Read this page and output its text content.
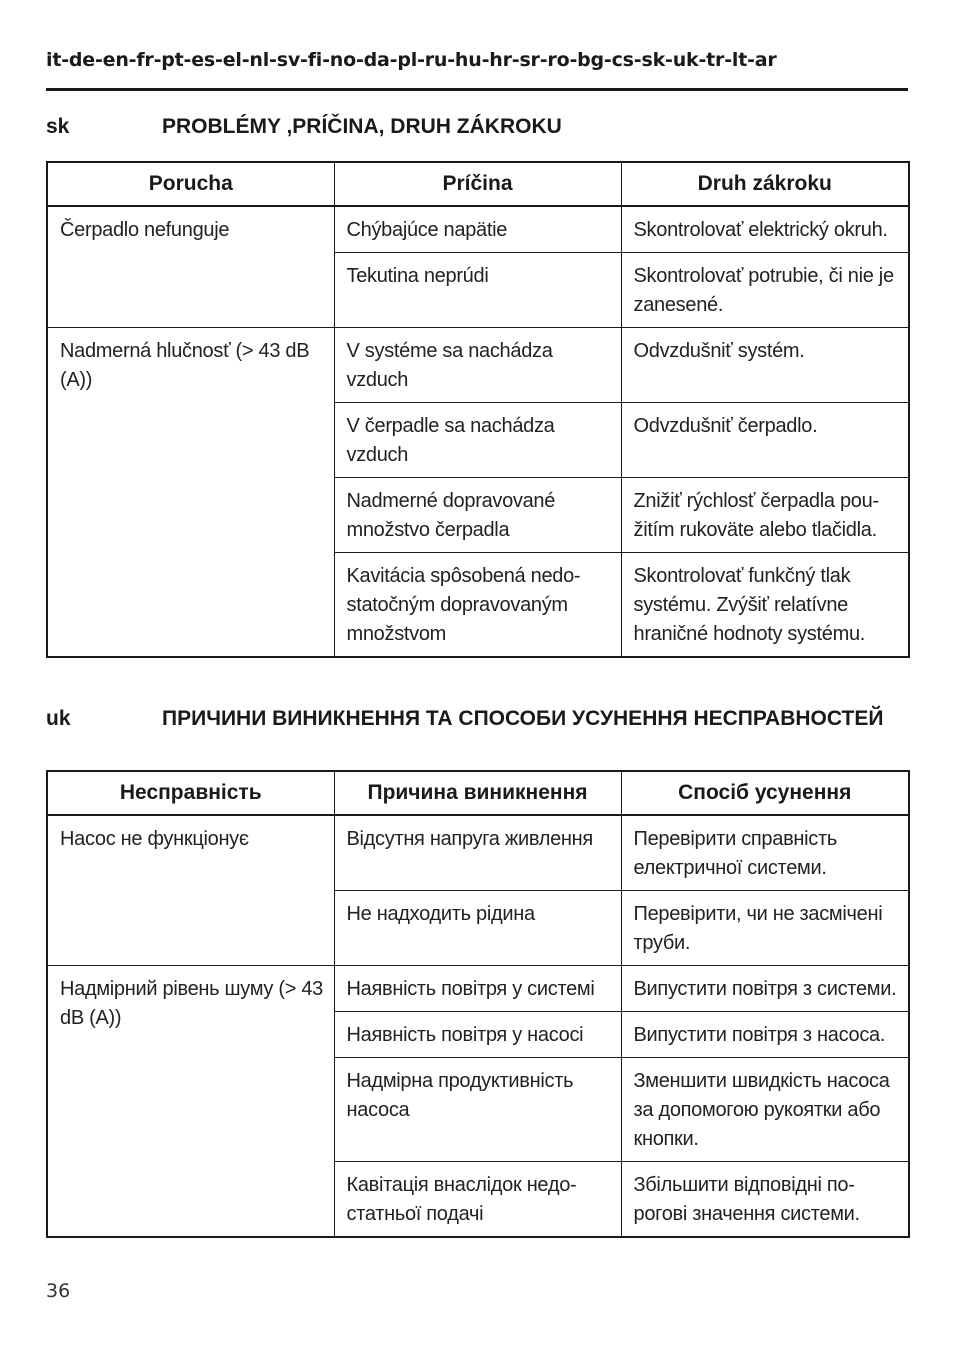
it-de-en-fr-pt-es-el-nl-sv-fi-no-da-pl-ru-hu-hr-sr-ro-bg-cs-sk-uk-tr-lt-ar
sk	PROBLÉMY ,PRÍČINA, DRUH ZÁKROKU
Porucha	Príčina	Druh zákroku
Čerpadlo nefunguje	Chýbajúce napätie	Skontrolovať elektrický okruh.
	Tekutina neprúdi	Skontrolovať potrubie, či nie je zanesené.
Nadmerná hlučnosť (> 43 dB (A))	V systéme sa nachádza vzduch	Odvzdušniť systém.
	V čerpadle sa nachádza vzduch	Odvzdušniť čerpadlo.
	Nadmerné dopravované množstvo čerpadla	Znižiť rýchlosť čerpadla pou-žitím rukoväte alebo tlačidla.
	Kavitácia spôsobená nedo-statočným dopravovaným množstvom	Skontrolovať funkčný tlak systému. Zvýšiť relatívne hraničné hodnoty systému.
uk	ПРИЧИНИ ВИНИКНЕННЯ ТА СПОСОБИ УСУНЕННЯ НЕСПРАВНОСТЕЙ
Несправність	Причина виникнення	Спосіб усунення
Насос не функціонує	Відсутня напруга живлення	Перевірити справність електричної системи.
	Не надходить рідина	Перевірити, чи не засмічені труби.
Надмірний рівень шуму (> 43 dB (A))	Наявність повітря у системі	Випустити повітря з системи.
	Наявність повітря у насосі	Випустити повітря з насоса.
	Надмірна продуктивність насоса	Зменшити швидкість насоса за допомогою рукоятки або кнопки.
	Кавітація внаслідок недо-статньої подачі	Збільшити відповідні по-рогові значення системи.
36
